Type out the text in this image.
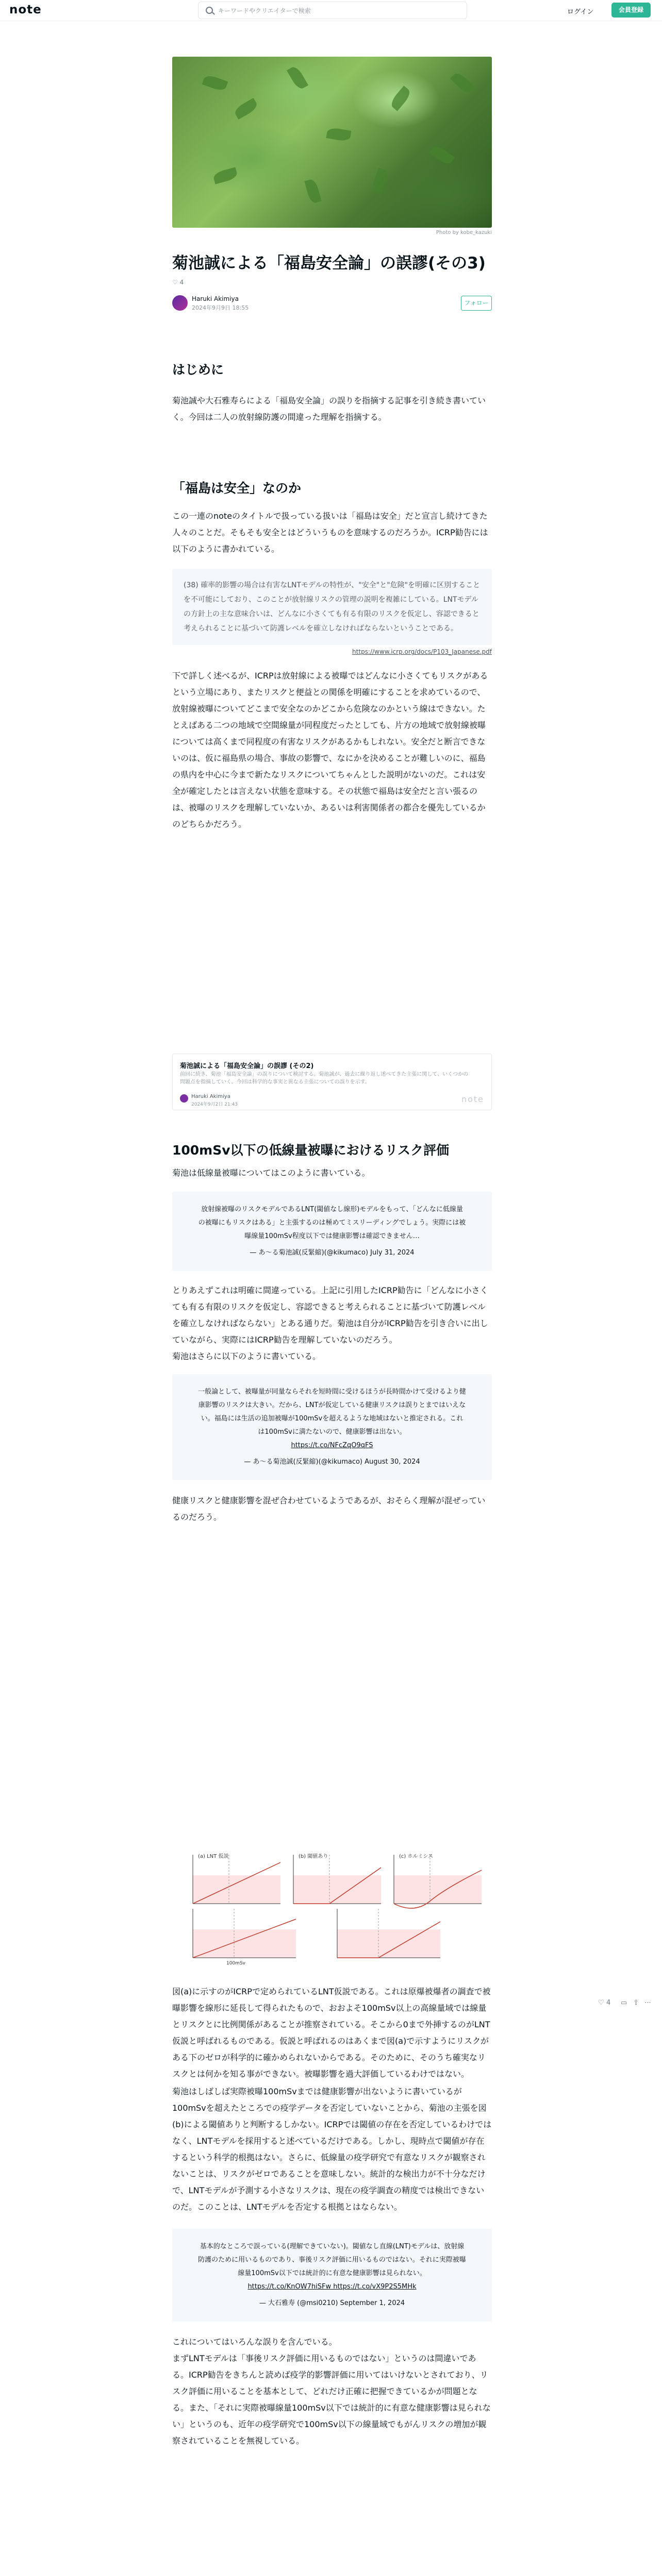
note
キーワードやクリエイターで検索	ログイン	会員登録
Photo by kobe_kazuki
菊池誠による「福島安全論」の誤謬(その3)
♡ 4
Haruki Akimiya
2024年9月9日 18:55
フォロー
はじめに

菊池誠や大石雅寿らによる「福島安全論」の誤りを指摘する記事を引き続き書いていく。今回は二人の放射線防護の間違った理解を指摘する。

「福島は安全」なのか

この一連のnoteのタイトルで扱っている扱いは「福島は安全」だと宣言し続けてきた人々のことだ。そもそも安全とはどういうものを意味するのだろうか。ICRP勧告には以下のように書かれている。

(38) 確率的影響の場合は有害なLNTモデルの特性が、"安全"と"危険"を明確に区別することを不可能にしており、このことが放射線リスクの管理の説明を複雑にしている。LNTモデルの方針上の主な意味合いは、どんなに小さくても有る有限のリスクを仮定し、容認できると考えられることに基づいて防護レベルを確立しなければならないということである。
https://www.icrp.org/docs/P103_Japanese.pdf

下で詳しく述べるが、ICRPは放射線による被曝ではどんなに小さくてもリスクがあるという立場にあり、またリスクと便益との関係を明確にすることを求めているので、放射線被曝についてどこまで安全なのかどこから危険なのかという線はできない。たとえばある二つの地域で空間線量が同程度だったとしても、片方の地域で放射線被曝については高くまで同程度の有害なリスクがあるかもしれない。安全だと断言できないのは、仮に福島県の場合、事故の影響で、なにかを決めることが難しいのに、福島の県内を中心に今まで新たなリスクについてちゃんとした説明がないのだ。これは安全が確定したとは言えない状態を意味する。その状態で福島は安全だと言い張るのは、被曝のリスクを理解していないか、あるいは利害関係者の都合を優先しているかのどちらかだろう。

菊池誠による「福島安全論」の誤謬 (その2)
前回に続き、菊池「福島安全論」の誤りについて検討する。菊池誠が、過去に繰り返し述べてきた主張に関して、いくつかの問題点を指摘していく。今回は科学的な事実と異なる主張についての誤りを示す。
Haruki Akimiya
2024年9月2日 21:43
note
100mSv以下の低線量被曝におけるリスク評価

菊池は低線量被曝についてはこのように書いている。

放射線被曝のリスクモデルであるLNT(閾値なし線形)モデルをもって、「どんなに低線量の被曝にもリスクはある」と主張するのは極めてミスリーディングでしょう。実際には被曝線量100mSv程度以下では健康影響は確認できません…
— あ〜る菊池誠(反緊縮)(@kikumaco) July 31, 2024

とりあえずこれは明確に間違っている。上記に引用したICRP勧告に「どんなに小さくても有る有限のリスクを仮定し、容認できると考えられることに基づいて防護レベルを確立しなければならない」とある通りだ。菊池は自分がICRP勧告を引き合いに出していながら、実際にはICRP勧告を理解していないのだろう。

菊池はさらに以下のように書いている。

一般論として、被曝量が同量ならそれを短時間に受けるほうが長時間かけて受けるより健康影響のリスクは大きい。だから、LNTが仮定している健康リスクは誤りとまではいえない。福島には生活の追加被曝が100mSvを超えるような地域はないと推定される。これは100mSvに満たないので、健康影響は出ない。
https://t.co/NFcZqO9qFS
— あ〜る菊池誠(反緊縮)(@kikumaco) August 30, 2024

健康リスクと健康影響を混ぜ合わせているようであるが、おそらく理解が混ぜっているのだろう。

(a) LNT 仮説	(b) 閾値あり	(c) ホルミシス
100mSv

図(a)に示すのがICRPで定められているLNT仮説である。これは原爆被爆者の調査で被曝影響を線形に延長して得られたもので、おおよそ100mSv以上の高線量域では線量とリスクとに比例関係があることが推察されている。そこから0まで外挿するのがLNT仮説と呼ばれるものである。仮説と呼ばれるのはあくまで図(a)で示すようにリスクがある下のゼロが科学的に確かめられないからである。そのために、そのうち確実なリスクとは何かを知る事ができない。被曝影響を過大評価しているわけではない。

菊池はしばしば実際被曝100mSvまでは健康影響が出ないように書いているが100mSvを超えたところでの疫学データを否定していないことから、菊池の主張を図(b)による閾値ありと判断するしかない。ICRPでは閾値の存在を否定しているわけではなく、LNTモデルを採用すると述べているだけである。しかし、現時点で閾値が存在するという科学的根拠はない。さらに、低線量の疫学研究で有意なリスクが観察されないことは、リスクがゼロであることを意味しない。統計的な検出力が不十分なだけで、LNTモデルが予測する小さなリスクは、現在の疫学調査の精度では検出できないのだ。このことは、LNTモデルを否定する根拠とはならない。

基本的なところで誤っている(理解できていない)。閾値なし直線(LNT)モデルは、放射線防護のために用いるものであり、事後リスク評価に用いるものではない。それに実際被曝線量100mSv以下では統計的に有意な健康影響は見られない。
https://t.co/KnOW7hiSFw https://t.co/vX9P2S5MHk
— 大石雅寿 (@msi0210) September 1, 2024

これについてはいろんな誤りを含んでいる。

まずLNTモデルは「事後リスク評価に用いるものではない」というのは間違いである。ICRP勧告をきちんと読めば疫学的影響評価に用いてはいけないとされており、リスク評価に用いることを基本として、どれだけ正確に把握できているかが問題となる。また、「それに実際被曝線量100mSv以下では統計的に有意な健康影響は見られない」というのも、近年の疫学研究で100mSv以下の線量域でもがんリスクの増加が観察されていることを無視している。

♡ 4 ▭ ⇪ ⋯
